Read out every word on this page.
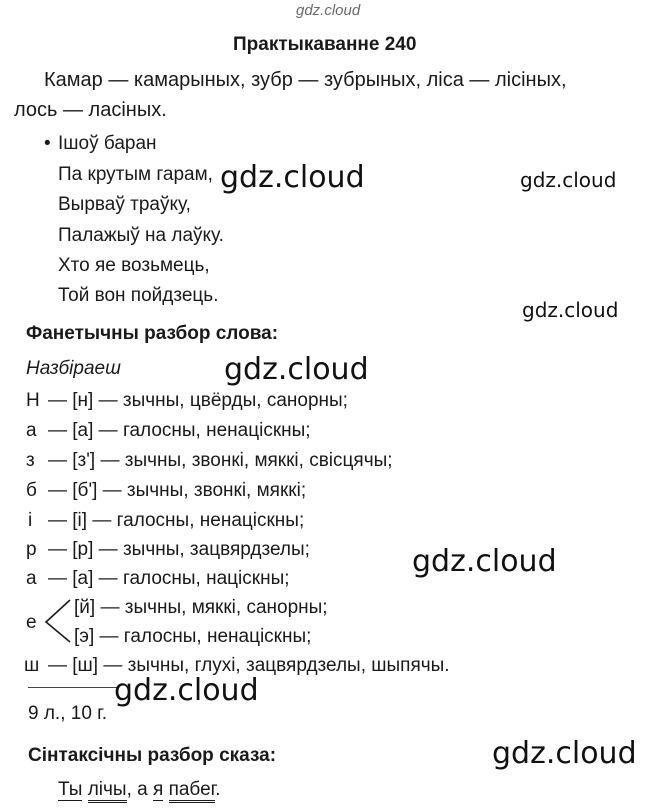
gdz.cloud
Практыкаванне 240
Камар — камарыных, зубр — зубрыных, ліса — лісіных,
лось — ласіных.
• Ішоў баран
Па крутым гарам,
Вырваў траўку,
Палажыў на лаўку.
Хто яе возьмець,
Той вон пойдзець.
Фанетычны разбор слова:
Назбіраеш
Н — [н] — зычны, цвёрды, санорны;
а — [а] — галосны, ненаціскны;
з — [з'] — зычны, звонкі, мяккі, свісцячы;
б — [б'] — зычны, звонкі, мяккі;
і — [і] — галосны, ненаціскны;
р — [р] — зычны, зацвярдзелы;
а — [а] — галосны, націскны;
е
[й] — зычны, мяккі, санорны;
[э] — галосны, ненаціскны;
ш — [ш] — зычны, глухі, зацвярдзелы, шыпячы.
9 л., 10 г.
Сінтаксічны разбор сказа:
Ты лічы, а я пабег.
gdz.cloud	gdz.cloud
gdz.cloud
gdz.cloud
gdz.cloud
gdz.cloud
gdz.cloud
